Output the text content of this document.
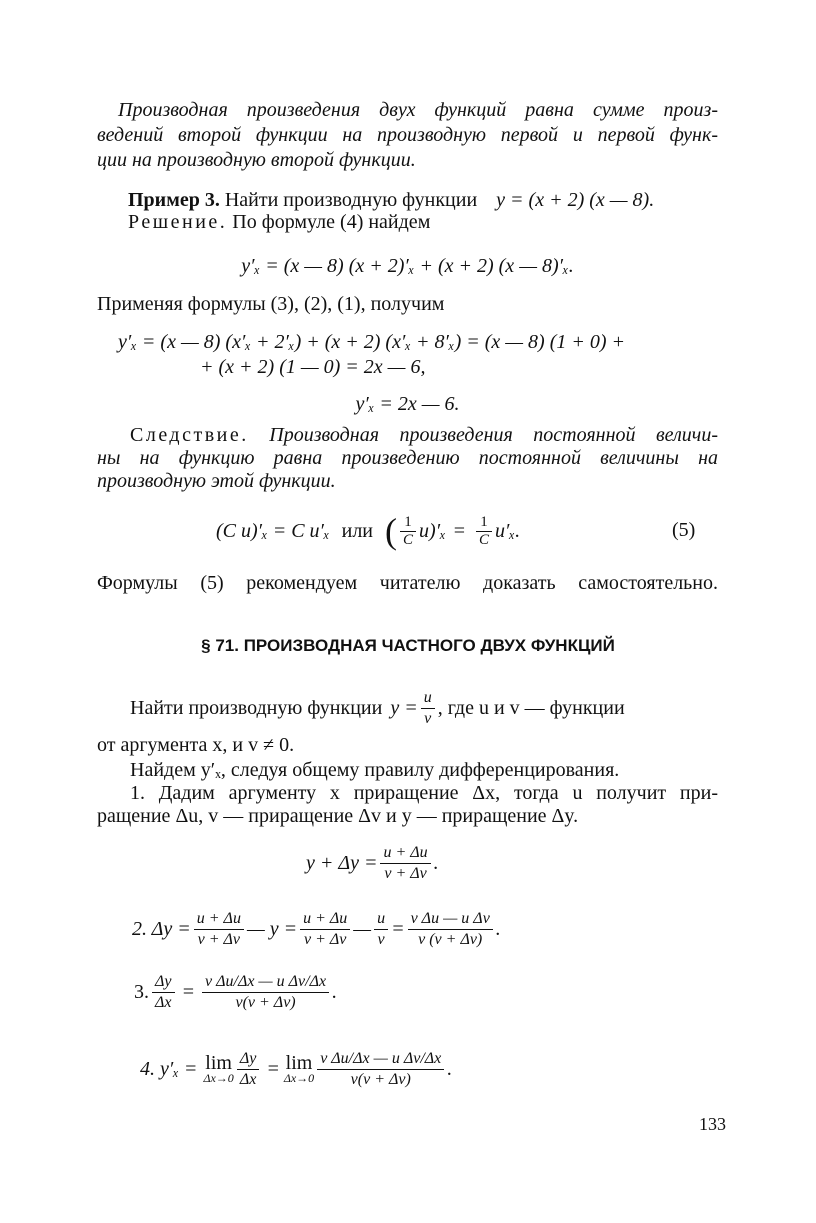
Производная произведения двух функций равна сумме произ-
ведений второй функции на производную первой и первой функ-
ции на производную второй функции.
Пример 3. Найти производную функции y = (x + 2) (x — 8).
Решение. По формуле (4) найдем
y′ₓ = (x — 8) (x + 2)′ₓ + (x + 2) (x — 8)′ₓ.
Применяя формулы (3), (2), (1), получим
y′ₓ = (x — 8) (x′ₓ + 2′ₓ) + (x + 2) (x′ₓ + 8′ₓ) = (x — 8) (1 + 0) +
+ (x + 2) (1 — 0) = 2x — 6,
y′ₓ = 2x — 6.
Следствие. Производная произведения постоянной величи-
ны на функцию равна произведению постоянной величины на
производную этой функции.
(C u)′ₓ = C u′ₓ или ( $\frac{1}{C}$ u )$'_x = \frac{1}{C} u'_x$.	(5)
Формулы (5) рекомендуем читателю доказать самостоятельно.
§ 71. ПРОИЗВОДНАЯ ЧАСТНОГО ДВУХ ФУНКЦИЙ
Найти производную функции $y = \frac{u}{v}$ , где u и v — функции
от аргумента x, и v ≠ 0.
Найдем y′ₓ, следуя общему правилу дифференцирования.
1. Дадим аргументу x приращение Δx, тогда u получит при-
ращение Δu, v — приращение Δv и y — приращение Δy.
$y + \Delta y = \frac{u + \Delta u}{v + \Delta v}$ .
2. $\Delta y = \frac{u + \Delta u}{v + \Delta v}$ — $y = \frac{u + \Delta u}{v + \Delta v}$ — $\frac{u}{v} = \frac{\text{v Δu — u Δv}}{v (v + \Delta v)}$ .
3. $\frac{\Delta y}{\Delta x} = \frac{\text{v Δu/Δx — u Δv/Δx}}{v(v + \Delta v)}$ .
4. y′ₓ = lim
$\Delta x\to 0 \frac{\Delta y}{\Delta x} = \lim$
$\Delta x\to 0 \frac{\text{v Δu/Δx — u Δv/Δx}}{v(v + \Delta v)}$ .
133
